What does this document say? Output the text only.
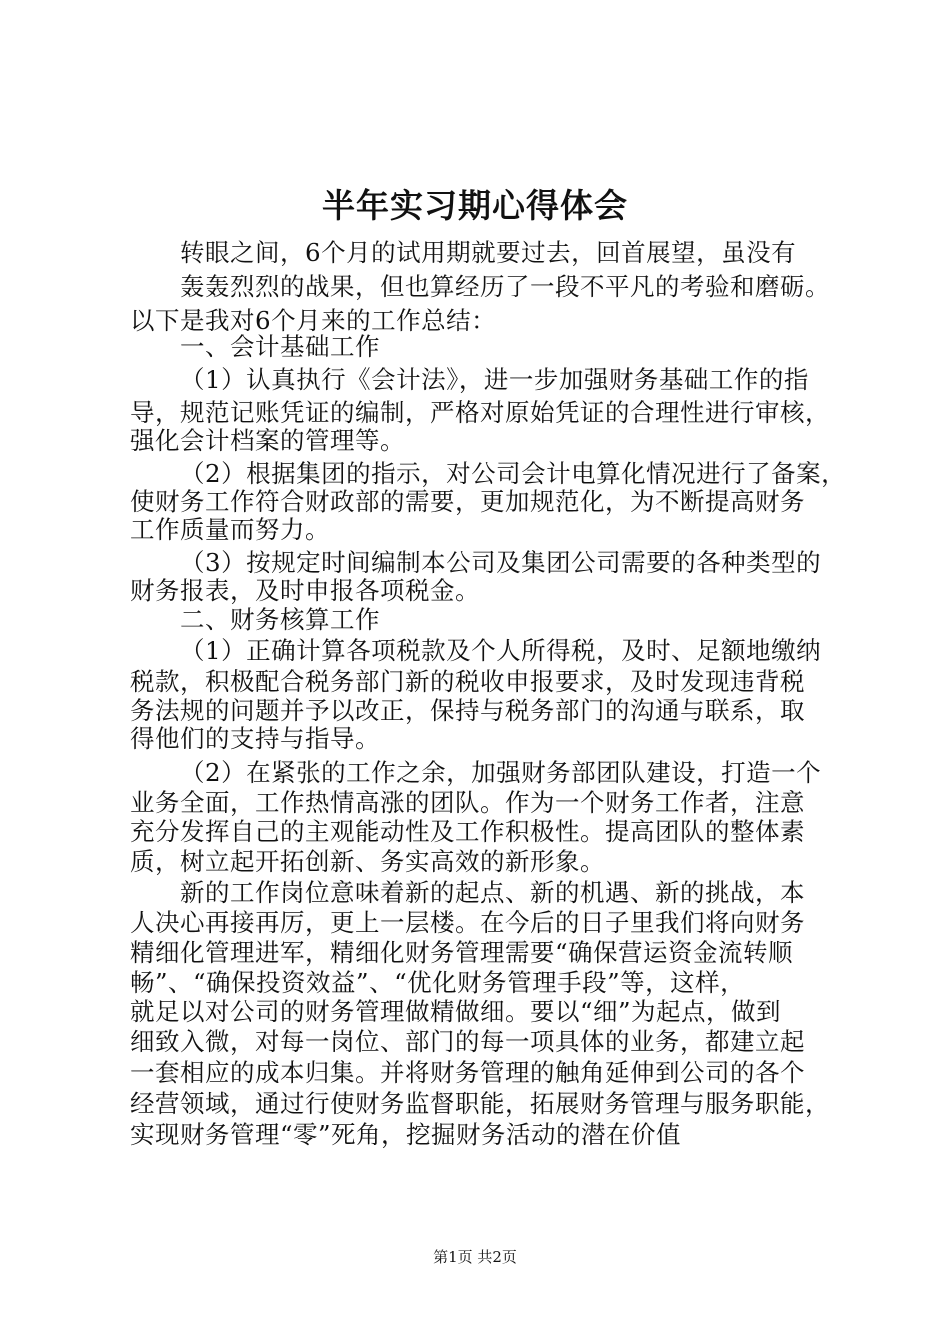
半年实习期心得体会
转眼之间，6个月的试用期就要过去，回首展望，虽没有
轰轰烈烈的战果，但也算经历了一段不平凡的考验和磨砺。
以下是我对6个月来的工作总结：
一、会计基础工作
（1）认真执行《会计法》，进一步加强财务基础工作的指
导，规范记账凭证的编制，严格对原始凭证的合理性进行审核，
强化会计档案的管理等。
（2）根据集团的指示，对公司会计电算化情况进行了备案，
使财务工作符合财政部的需要，更加规范化，为不断提高财务
工作质量而努力。
（3）按规定时间编制本公司及集团公司需要的各种类型的
财务报表，及时申报各项税金。
二、财务核算工作
（1）正确计算各项税款及个人所得税，及时、足额地缴纳
税款，积极配合税务部门新的税收申报要求，及时发现违背税
务法规的问题并予以改正，保持与税务部门的沟通与联系，取
得他们的支持与指导。
（2）在紧张的工作之余，加强财务部团队建设，打造一个
业务全面，工作热情高涨的团队。作为一个财务工作者，注意
充分发挥自己的主观能动性及工作积极性。提高团队的整体素
质，树立起开拓创新、务实高效的新形象。
新的工作岗位意味着新的起点、新的机遇、新的挑战，本
人决心再接再厉，更上一层楼。在今后的日子里我们将向财务
精细化管理进军，精细化财务管理需要“确保营运资金流转顺
畅”、“确保投资效益”、“优化财务管理手段”等，这样，
就足以对公司的财务管理做精做细。要以“细”为起点，做到
细致入微，对每一岗位、部门的每一项具体的业务，都建立起
一套相应的成本归集。并将财务管理的触角延伸到公司的各个
经营领域，通过行使财务监督职能，拓展财务管理与服务职能，
实现财务管理“零”死角，挖掘财务活动的潜在价值
第1页 共2页
